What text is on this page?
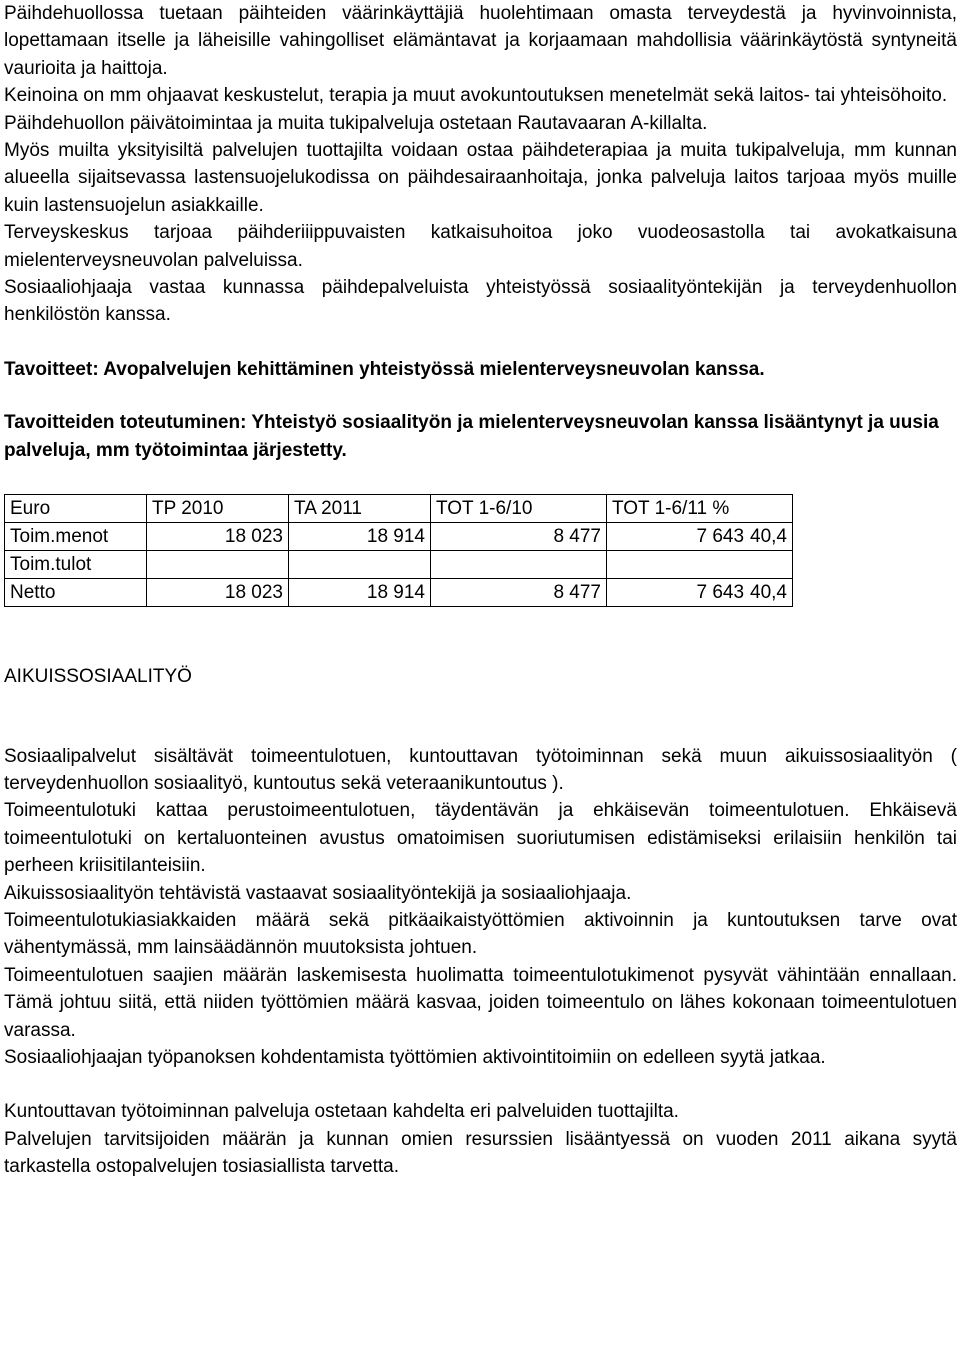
Päihdehuollossa tuetaan päihteiden väärinkäyttäjiä huolehtimaan omasta terveydestä ja hyvinvoinnista, lopettamaan itselle ja läheisille vahingolliset elämäntavat ja korjaamaan mahdollisia väärinkäytöstä syntyneitä vaurioita ja haittoja.

Keinoina on mm ohjaavat keskustelut, terapia ja muut avokuntoutuksen menetelmät sekä laitos- tai yhteisöhoito.

Päihdehuollon päivätoimintaa ja muita tukipalveluja ostetaan Rautavaaran A-killalta.

Myös muilta yksityisiltä palvelujen tuottajilta voidaan ostaa päihdeterapiaa ja muita tukipalveluja, mm kunnan alueella sijaitsevassa lastensuojelukodissa on päihdesairaanhoitaja, jonka palveluja laitos tarjoaa myös muille kuin lastensuojelun asiakkaille.

Terveyskeskus tarjoaa päihderiiippuvaisten katkaisuhoitoa joko vuodeosastolla tai avokatkaisuna mielenterveysneuvolan palveluissa.

Sosiaaliohjaaja vastaa kunnassa päihdepalveluista yhteistyössä sosiaalityöntekijän ja terveydenhuollon henkilöstön kanssa.

Tavoitteet: Avopalvelujen kehittäminen yhteistyössä mielenterveysneuvolan kanssa.

Tavoitteiden toteutuminen: Yhteistyö sosiaalityön ja mielenterveysneuvolan kanssa lisääntynyt ja uusia palveluja, mm työtoimintaa järjestetty.

Euro	TP 2010	TA 2011	TOT 1-6/10	TOT 1-6/11 %
Toim.menot	18 023	18 914	8 477	7 643 40,4
Toim.tulot				
Netto	18 023	18 914	8 477	7 643 40,4

AIKUISSOSIAALITYÖ

Sosiaalipalvelut sisältävät toimeentulotuen, kuntouttavan työtoiminnan sekä muun aikuissosiaalityön ( terveydenhuollon sosiaalityö, kuntoutus sekä veteraanikuntoutus ).

Toimeentulotuki kattaa perustoimeentulotuen, täydentävän ja ehkäisevän toimeentulotuen. Ehkäisevä toimeentulotuki on kertaluonteinen avustus omatoimisen suoriutumisen edistämiseksi erilaisiin henkilön tai perheen kriisitilanteisiin.

Aikuissosiaalityön tehtävistä vastaavat sosiaalityöntekijä ja sosiaaliohjaaja.

Toimeentulotukiasiakkaiden määrä sekä pitkäaikaistyöttömien aktivoinnin ja kuntoutuksen tarve ovat vähentymässä, mm lainsäädännön muutoksista johtuen.

Toimeentulotuen saajien määrän laskemisesta huolimatta toimeentulotukimenot pysyvät vähintään ennallaan. Tämä johtuu siitä, että niiden työttömien määrä kasvaa, joiden toimeentulo on lähes kokonaan toimeentulotuen varassa.

Sosiaaliohjaajan työpanoksen kohdentamista työttömien aktivointitoimiin on edelleen syytä jatkaa.

Kuntouttavan työtoiminnan palveluja ostetaan kahdelta eri palveluiden tuottajilta.

Palvelujen tarvitsijoiden määrän ja kunnan omien resurssien lisääntyessä on vuoden 2011 aikana syytä tarkastella ostopalvelujen tosiasiallista tarvetta.
